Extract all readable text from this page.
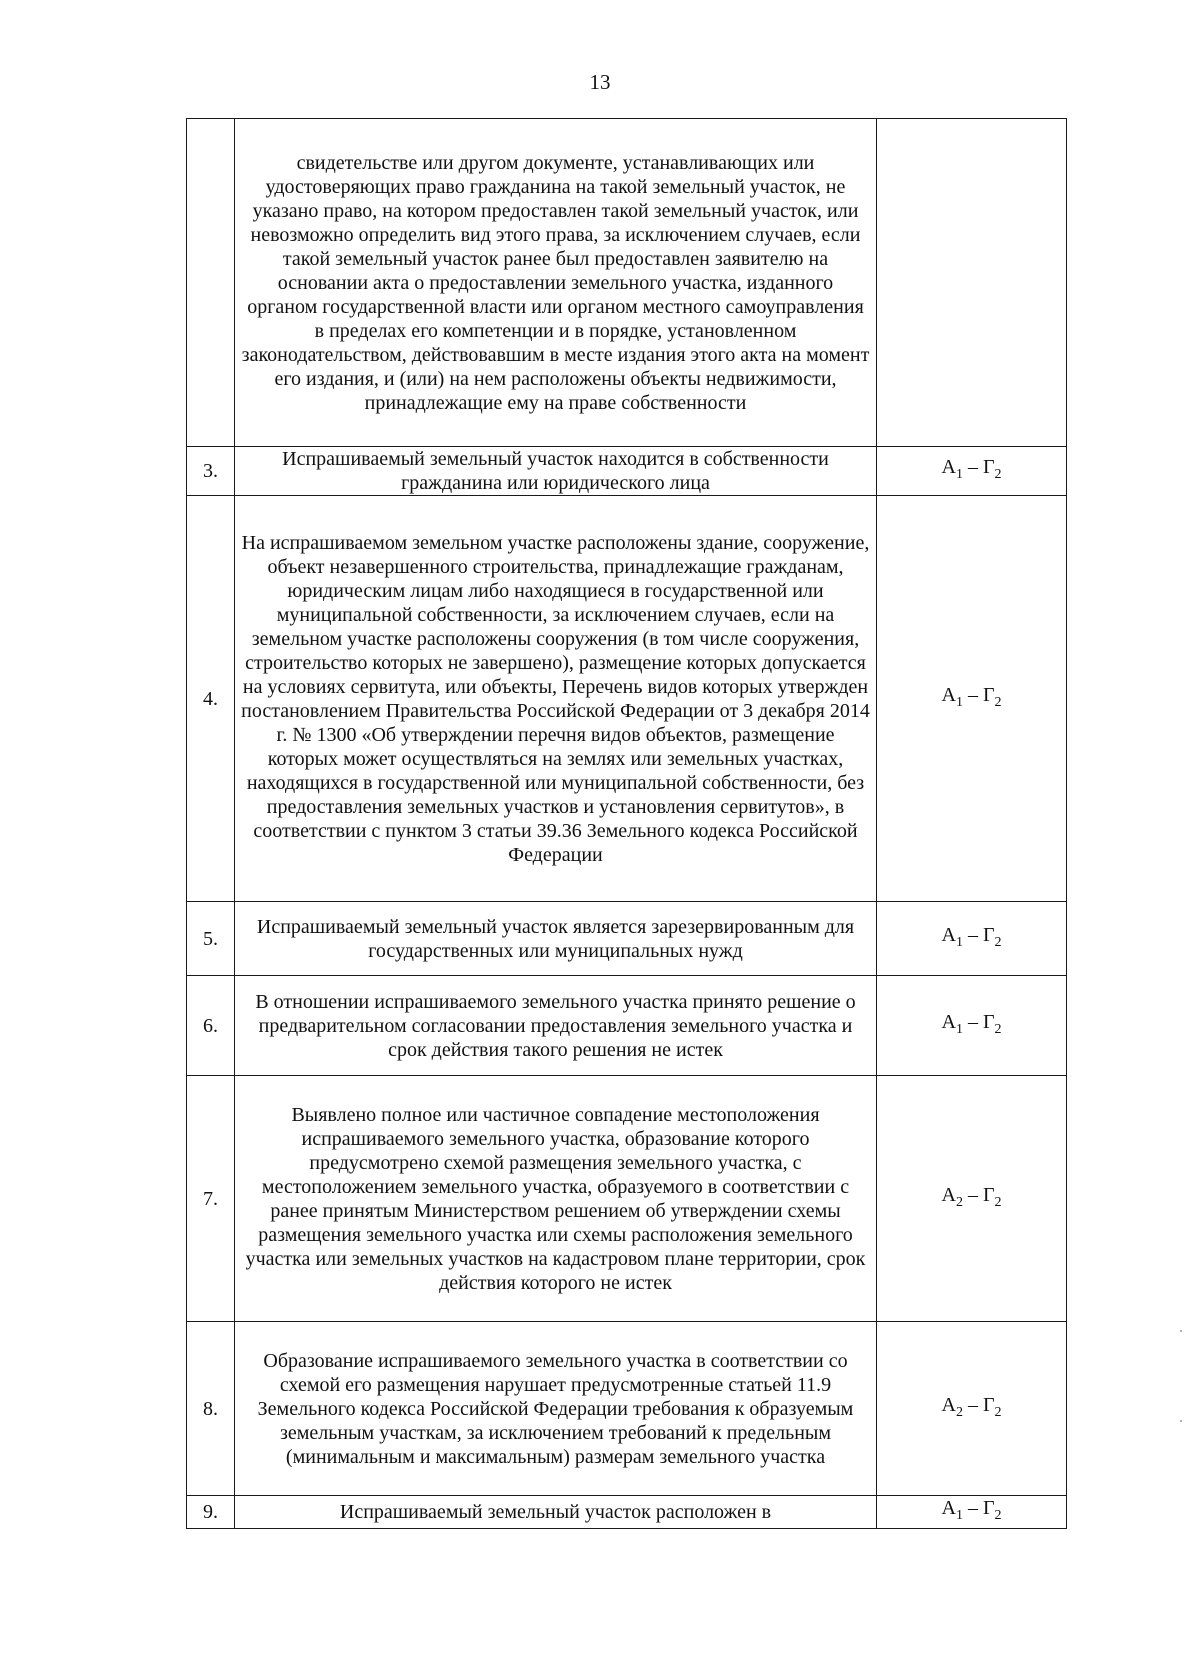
13
	свидетельстве или другом документе, устанавливающих или удостоверяющих право гражданина на такой земельный участок, не указано право, на котором предоставлен такой земельный участок, или невозможно определить вид этого права, за исключением случаев, если такой земельный участок ранее был предоставлен заявителю на основании акта о предоставлении земельного участка, изданного органом государственной власти или органом местного самоуправления в пределах его компетенции и в порядке, установленном законодательством, действовавшим в месте издания этого акта на момент его издания, и (или) на нем расположены объекты недвижимости, принадлежащие ему на праве собственности	
3.	Испрашиваемый земельный участок находится в собственности гражданина или юридического лица	$А_1 - Г_2$
4.	На испрашиваемом земельном участке расположены здание, сооружение, объект незавершенного строительства, принадлежащие гражданам, юридическим лицам либо находящиеся в государственной или муниципальной собственности, за исключением случаев, если на земельном участке расположены сооружения (в том числе сооружения, строительство которых не завершено), размещение которых допускается на условиях сервитута, или объекты, Перечень видов которых утвержден постановлением Правительства Российской Федерации от 3 декабря 2014 г. № 1300 «Об утверждении перечня видов объектов, размещение которых может осуществляться на землях или земельных участках, находящихся в государственной или муниципальной собственности, без предоставления земельных участков и установления сервитутов», в соответствии с пунктом 3 статьи 39.36 Земельного кодекса Российской Федерации	$А_1 - Г_2$
5.	Испрашиваемый земельный участок является зарезервированным для государственных или муниципальных нужд	$А_1 - Г_2$
6.	В отношении испрашиваемого земельного участка принято решение о предварительном согласовании предоставления земельного участка и срок действия такого решения не истек	$А_1 - Г_2$
7.	Выявлено полное или частичное совпадение местоположения испрашиваемого земельного участка, образование которого предусмотрено схемой размещения земельного участка, с местоположением земельного участка, образуемого в соответствии с ранее принятым Министерством решением об утверждении схемы размещения земельного участка или схемы расположения земельного участка или земельных участков на кадастровом плане территории, срок действия которого не истек	$А_2 - Г_2$
8.	Образование испрашиваемого земельного участка в соответствии со схемой его размещения нарушает предусмотренные статьей 11.9 Земельного кодекса Российской Федерации требования к образуемым земельным участкам, за исключением требований к предельным (минимальным и максимальным) размерам земельного участка	$А_2 - Г_2$
9.	Испрашиваемый земельный участок расположен в	$А_1 - Г_2$
